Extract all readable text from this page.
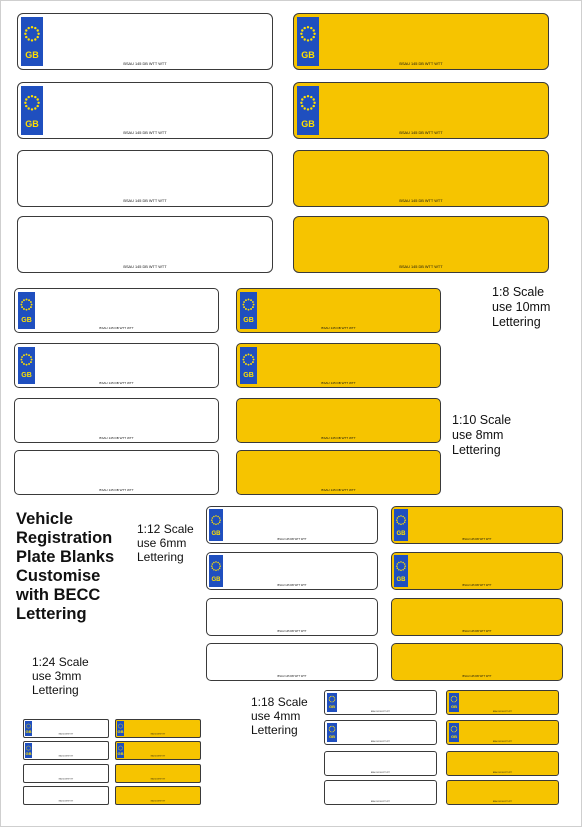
Vehicle
Registration
Plate Blanks
Customise
with BECC
Lettering
1:8 Scale
use 10mm
Lettering
1:10 Scale
use 8mm
Lettering
1:12 Scale
use 6mm
Lettering
1:24 Scale
use 3mm
Lettering
1:18 Scale
use 4mm
Lettering
GB
BSAU 145 DB WTT WTT
GB
BSAU 145 DB WTT WTT
GB
BSAU 145 DB WTT WTT
GB
BSAU 145 DB WTT WTT
BSAU 145 DB WTT WTT	BSAU 145 DB WTT WTT
BSAU 145 DB WTT WTT	BSAU 145 DB WTT WTT
GB
BSAU 145 DB WTT WTT
GB
BSAU 145 DB WTT WTT
GB
BSAU 145 DB WTT WTT
GB
BSAU 145 DB WTT WTT
BSAU 145 DB WTT WTT	BSAU 145 DB WTT WTT
BSAU 145 DB WTT WTT	BSAU 145 DB WTT WTT
GB
BSAU 145 DB WTT WTT
GB
BSAU 145 DB WTT WTT
GB
BSAU 145 DB WTT WTT
GB
BSAU 145 DB WTT WTT
BSAU 145 DB WTT WTT	BSAU 145 DB WTT WTT
BSAU 145 DB WTT WTT	BSAU 145 DB WTT WTT
GB
BSAU 145 DB WTT WTT
GB
BSAU 145 DB WTT WTT
GB
BSAU 145 DB WTT WTT
GB
BSAU 145 DB WTT WTT
BSAU 145 DB WTT WTT	BSAU 145 DB WTT WTT
BSAU 145 DB WTT WTT	BSAU 145 DB WTT WTT
GB
BSAU 145 DB WTT WTT
GB
BSAU 145 DB WTT WTT
GB
BSAU 145 DB WTT WTT
GB
BSAU 145 DB WTT WTT
BSAU 145 DB WTT WTT	BSAU 145 DB WTT WTT
BSAU 145 DB WTT WTT	BSAU 145 DB WTT WTT
